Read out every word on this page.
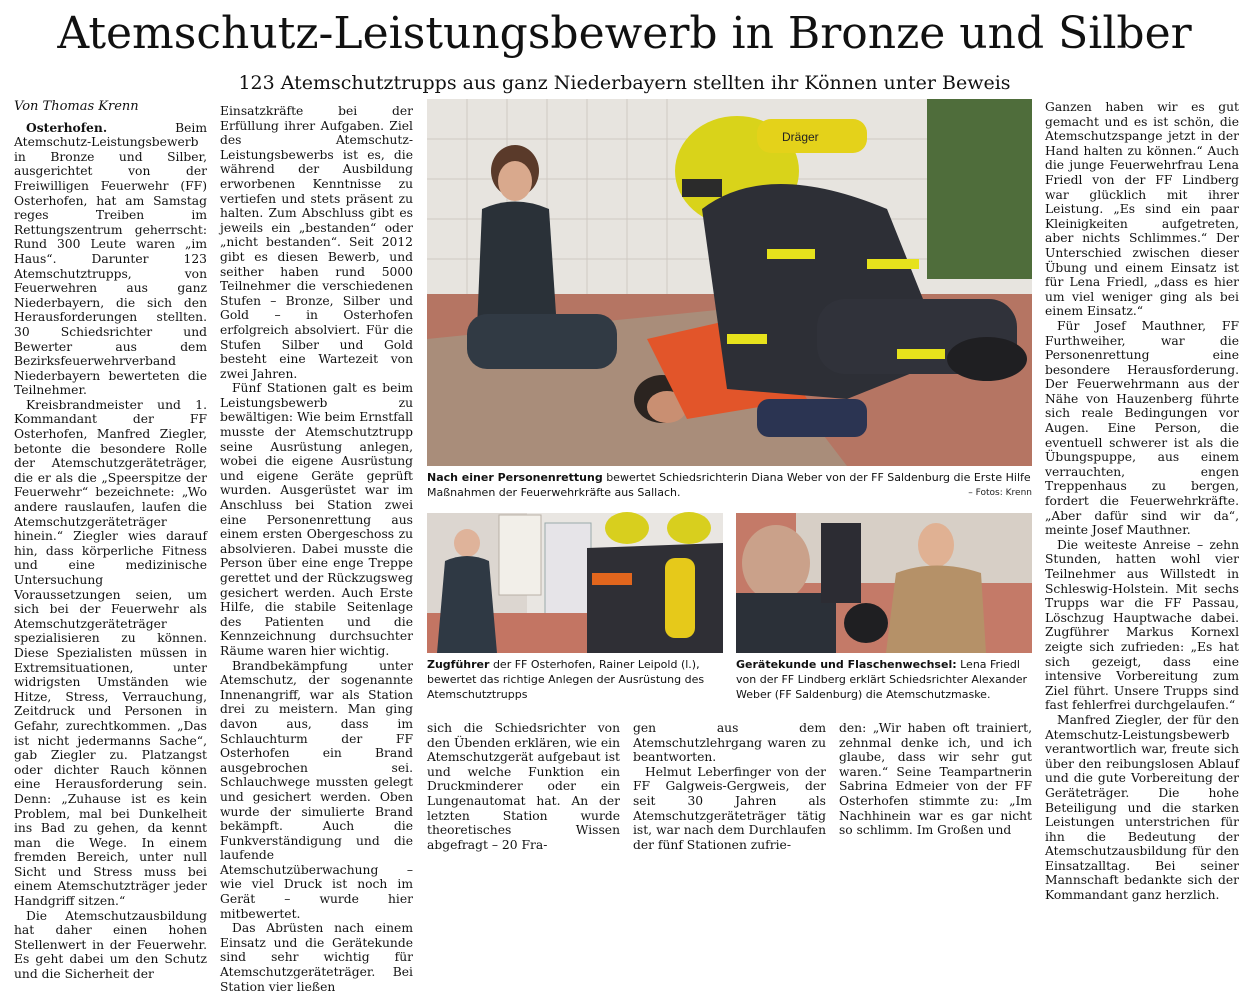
Atemschutz-Leistungsbewerb in Bronze und Silber
123 Atemschutztrupps aus ganz Niederbayern stellten ihr Können unter Beweis

Von Thomas Krenn

Osterhofen.	Beim Atemschutz-Leistungsbewerb in Bronze und Silber, ausgerichtet von der Freiwilligen Feuerwehr (FF) Osterhofen, hat am Samstag reges Treiben im Rettungszentrum geherrscht: Rund 300 Leute waren „im Haus“. Darunter 123 Atemschutztrupps, von Feuerwehren aus ganz Niederbayern, die sich den Herausforderungen stellten. 30 Schiedsrichter und Bewerter aus dem Bezirksfeuerwehrverband Niederbayern bewerteten die Teilnehmer.

Kreisbrandmeister und 1. Kommandant der FF Osterhofen, Manfred Ziegler, betonte die besondere Rolle der Atemschutzgeräteträger, die er als die „Speerspitze der Feuerwehr“ bezeichnete: „Wo andere rauslaufen, laufen die Atemschutzgeräteträger hinein.“ Ziegler wies darauf hin, dass körperliche Fitness und eine medizinische Untersuchung Voraussetzungen seien, um sich bei der Feuerwehr als Atemschutzgeräteträger spezialisieren zu können. Diese Spezialisten müssen in Extremsituationen, unter widrigsten Umständen wie Hitze, Stress, Verrauchung, Zeitdruck und Personen in Gefahr, zurechtkommen. „Das ist nicht jedermanns Sache“, gab Ziegler zu. Platzangst oder dichter Rauch können eine Herausforderung sein. Denn: „Zuhause ist es kein Problem, mal bei Dunkelheit ins Bad zu gehen, da kennt man die Wege. In einem fremden Bereich, unter null Sicht und Stress muss bei einem Atemschutzträger jeder Handgriff sitzen.“

Die Atemschutzausbildung hat daher einen hohen Stellenwert in der Feuerwehr. Es geht dabei um den Schutz und die Sicherheit der

Einsatzkräfte bei der Erfüllung ihrer Aufgaben. Ziel des Atemschutz-Leistungsbewerbs ist es, die während der Ausbildung erworbenen Kenntnisse zu vertiefen und stets präsent zu halten. Zum Abschluss gibt es jeweils ein „bestanden“ oder „nicht bestanden“. Seit 2012 gibt es diesen Bewerb, und seither haben rund 5000 Teilnehmer die verschiedenen Stufen – Bronze, Silber und Gold – in Osterhofen erfolgreich absolviert. Für die Stufen Silber und Gold besteht eine Wartezeit von zwei Jahren.

Fünf Stationen galt es beim Leistungsbewerb zu bewältigen: Wie beim Ernstfall musste der Atemschutztrupp seine Ausrüstung anlegen, wobei die eigene Ausrüstung und eigene Geräte geprüft wurden. Ausgerüstet war im Anschluss bei Station zwei eine Personenrettung aus einem ersten Obergeschoss zu absolvieren. Dabei musste die Person über eine enge Treppe gerettet und der Rückzugsweg gesichert werden. Auch Erste Hilfe, die stabile Seitenlage des Patienten und die Kennzeichnung durchsuchter Räume waren hier wichtig.

Brandbekämpfung unter Atemschutz, der sogenannte Innenangriff, war als Station drei zu meistern. Man ging davon aus, dass im Schlauchturm der FF Osterhofen ein Brand ausgebrochen sei. Schlauchwege mussten gelegt und gesichert werden. Oben wurde der simulierte Brand bekämpft. Auch die Funkverständigung und die laufende Atemschutzüberwachung – wie viel Druck ist noch im Gerät – wurde hier mitbewertet.

Das Abrüsten nach einem Einsatz und die Gerätekunde sind sehr wichtig für Atemschutzgeräteträger. Bei Station vier ließen

Dräger
Nach einer Personenrettung bewertet Schiedsrichterin Diana Weber von der FF Saldenburg die Erste Hilfe Maßnahmen der Feuerwehrkräfte aus Sallach.	– Fotos: Krenn
Zugführer der FF Osterhofen, Rainer Leipold (l.), bewertet das richtige Anlegen der Ausrüstung des Atemschutztrupps
Gerätekunde und Flaschenwechsel: Lena Friedl von der FF Lindberg erklärt Schiedsrichter Alexander Weber (FF Saldenburg) die Atemschutzmaske.

sich die Schiedsrichter von den Übenden erklären, wie ein Atemschutzgerät aufgebaut ist und welche Funktion ein Druckminderer oder ein Lungenautomat hat. An der letzten Station wurde theoretisches Wissen abgefragt – 20 Fra-

gen aus dem Atemschutzlehrgang waren zu beantworten.

Helmut Leberfinger von der FF Galgweis-Gergweis, der seit 30 Jahren als Atemschutzgeräteträger tätig ist, war nach dem Durchlaufen der fünf Stationen zufrie-

den: „Wir haben oft trainiert, zehnmal denke ich, und ich glaube, dass wir sehr gut waren.“ Seine Teampartnerin Sabrina Edmeier von der FF Osterhofen stimmte zu: „Im Nachhinein war es gar nicht so schlimm. Im Großen und

Ganzen haben wir es gut gemacht und es ist schön, die Atemschutzspange jetzt in der Hand halten zu können.“ Auch die junge Feuerwehrfrau Lena Friedl von der FF Lindberg war glücklich mit ihrer Leistung. „Es sind ein paar Kleinigkeiten aufgetreten, aber nichts Schlimmes.“ Der Unterschied zwischen dieser Übung und einem Einsatz ist für Lena Friedl, „dass es hier um viel weniger ging als bei einem Einsatz.“

Für Josef Mauthner, FF Furthweiher, war die Personenrettung eine besondere Herausforderung. Der Feuerwehrmann aus der Nähe von Hauzenberg führte sich reale Bedingungen vor Augen. Eine Person, die eventuell schwerer ist als die Übungspuppe, aus einem verrauchten, engen Treppenhaus zu bergen, fordert die Feuerwehrkräfte. „Aber dafür sind wir da“, meinte Josef Mauthner.

Die weiteste Anreise – zehn Stunden, hatten wohl vier Teilnehmer aus Willstedt in Schleswig-Holstein. Mit sechs Trupps war die FF Passau, Löschzug Hauptwache dabei. Zugführer Markus Kornexl zeigte sich zufrieden: „Es hat sich gezeigt, dass eine intensive Vorbereitung zum Ziel führt. Unsere Trupps sind fast fehlerfrei durchgelaufen.“

Manfred Ziegler, der für den Atemschutz-Leistungsbewerb verantwortlich war, freute sich über den reibungslosen Ablauf und die gute Vorbereitung der Geräteträger. Die hohe Beteiligung und die starken Leistungen unterstrichen für ihn die Bedeutung der Atemschutzausbildung für den Einsatzalltag. Bei seiner Mannschaft bedankte sich der Kommandant ganz herzlich.
